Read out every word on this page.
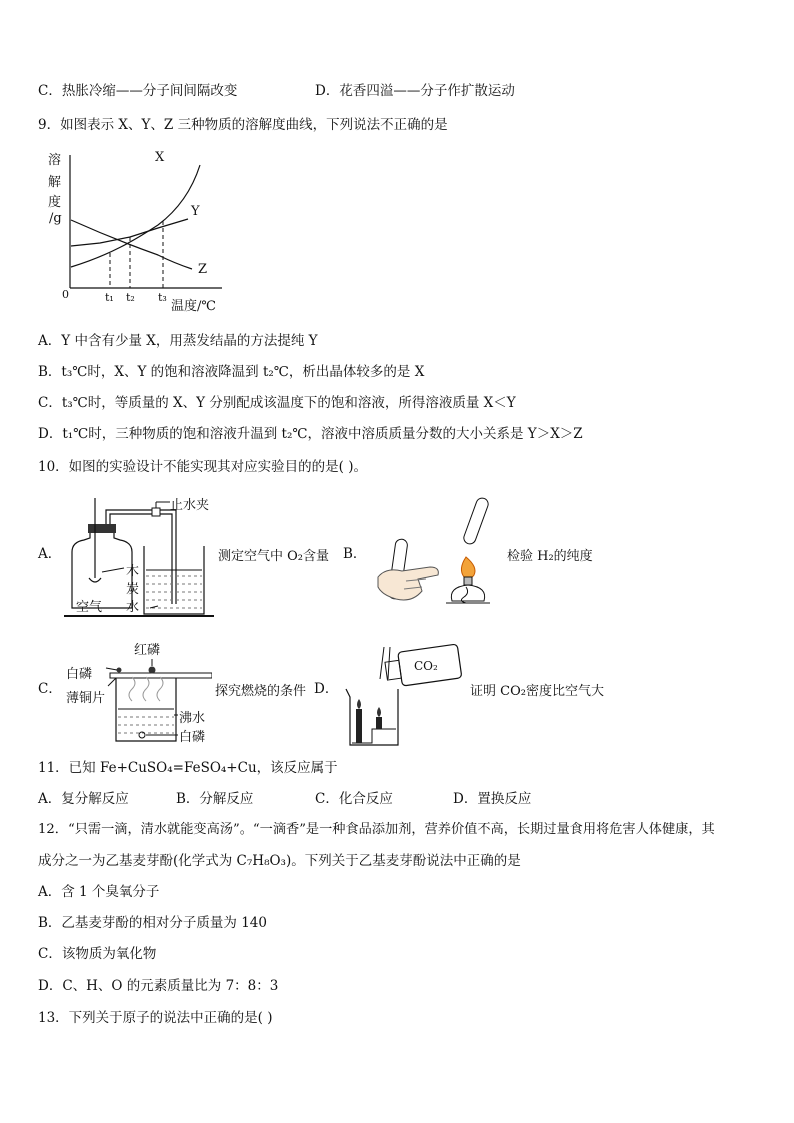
C．热胀冷缩——分子间间隔改变	D．花香四溢——分子作扩散运动
9．如图表示 X、Y、Z 三种物质的溶解度曲线，下列说法不正确的是
溶
解
度
/g
X
Y
Z
0	t₁ t₂ t₃
温度/℃
A．Y 中含有少量 X，用蒸发结晶的方法提纯 Y
B．t₃℃时，X、Y 的饱和溶液降温到 t₂℃，析出晶体较多的是 X
C．t₃℃时，等质量的 X、Y 分别配成该温度下的饱和溶液，所得溶液质量 X＜Y
D．t₁℃时，三种物质的饱和溶液升温到 t₂℃，溶液中溶质质量分数的大小关系是 Y＞X＞Z
10．如图的实验设计不能实现其对应实验目的的是( )。
A．
止水夹
空气
木
炭
水
测定空气中 O₂含量 B．	检验 H₂的纯度
C．
红磷
白磷
薄铜片
沸水
白磷
探究燃烧的条件 D．
CO₂
证明 CO₂密度比空气大
11．已知 Fe+CuSO₄=FeSO₄+Cu，该反应属于
A．复分解反应	B．分解反应	C．化合反应	D．置换反应
12．“只需一滴，清水就能变高汤”。“一滴香”是一种食品添加剂，营养价值不高，长期过量食用将危害人体健康，其
成分之一为乙基麦芽酚(化学式为 C₇H₈O₃)。下列关于乙基麦芽酚说法中正确的是
A．含 1 个臭氧分子
B．乙基麦芽酚的相对分子质量为 140
C．该物质为氧化物
D．C、H、O 的元素质量比为 7：8：3
13．下列关于原子的说法中正确的是( )
